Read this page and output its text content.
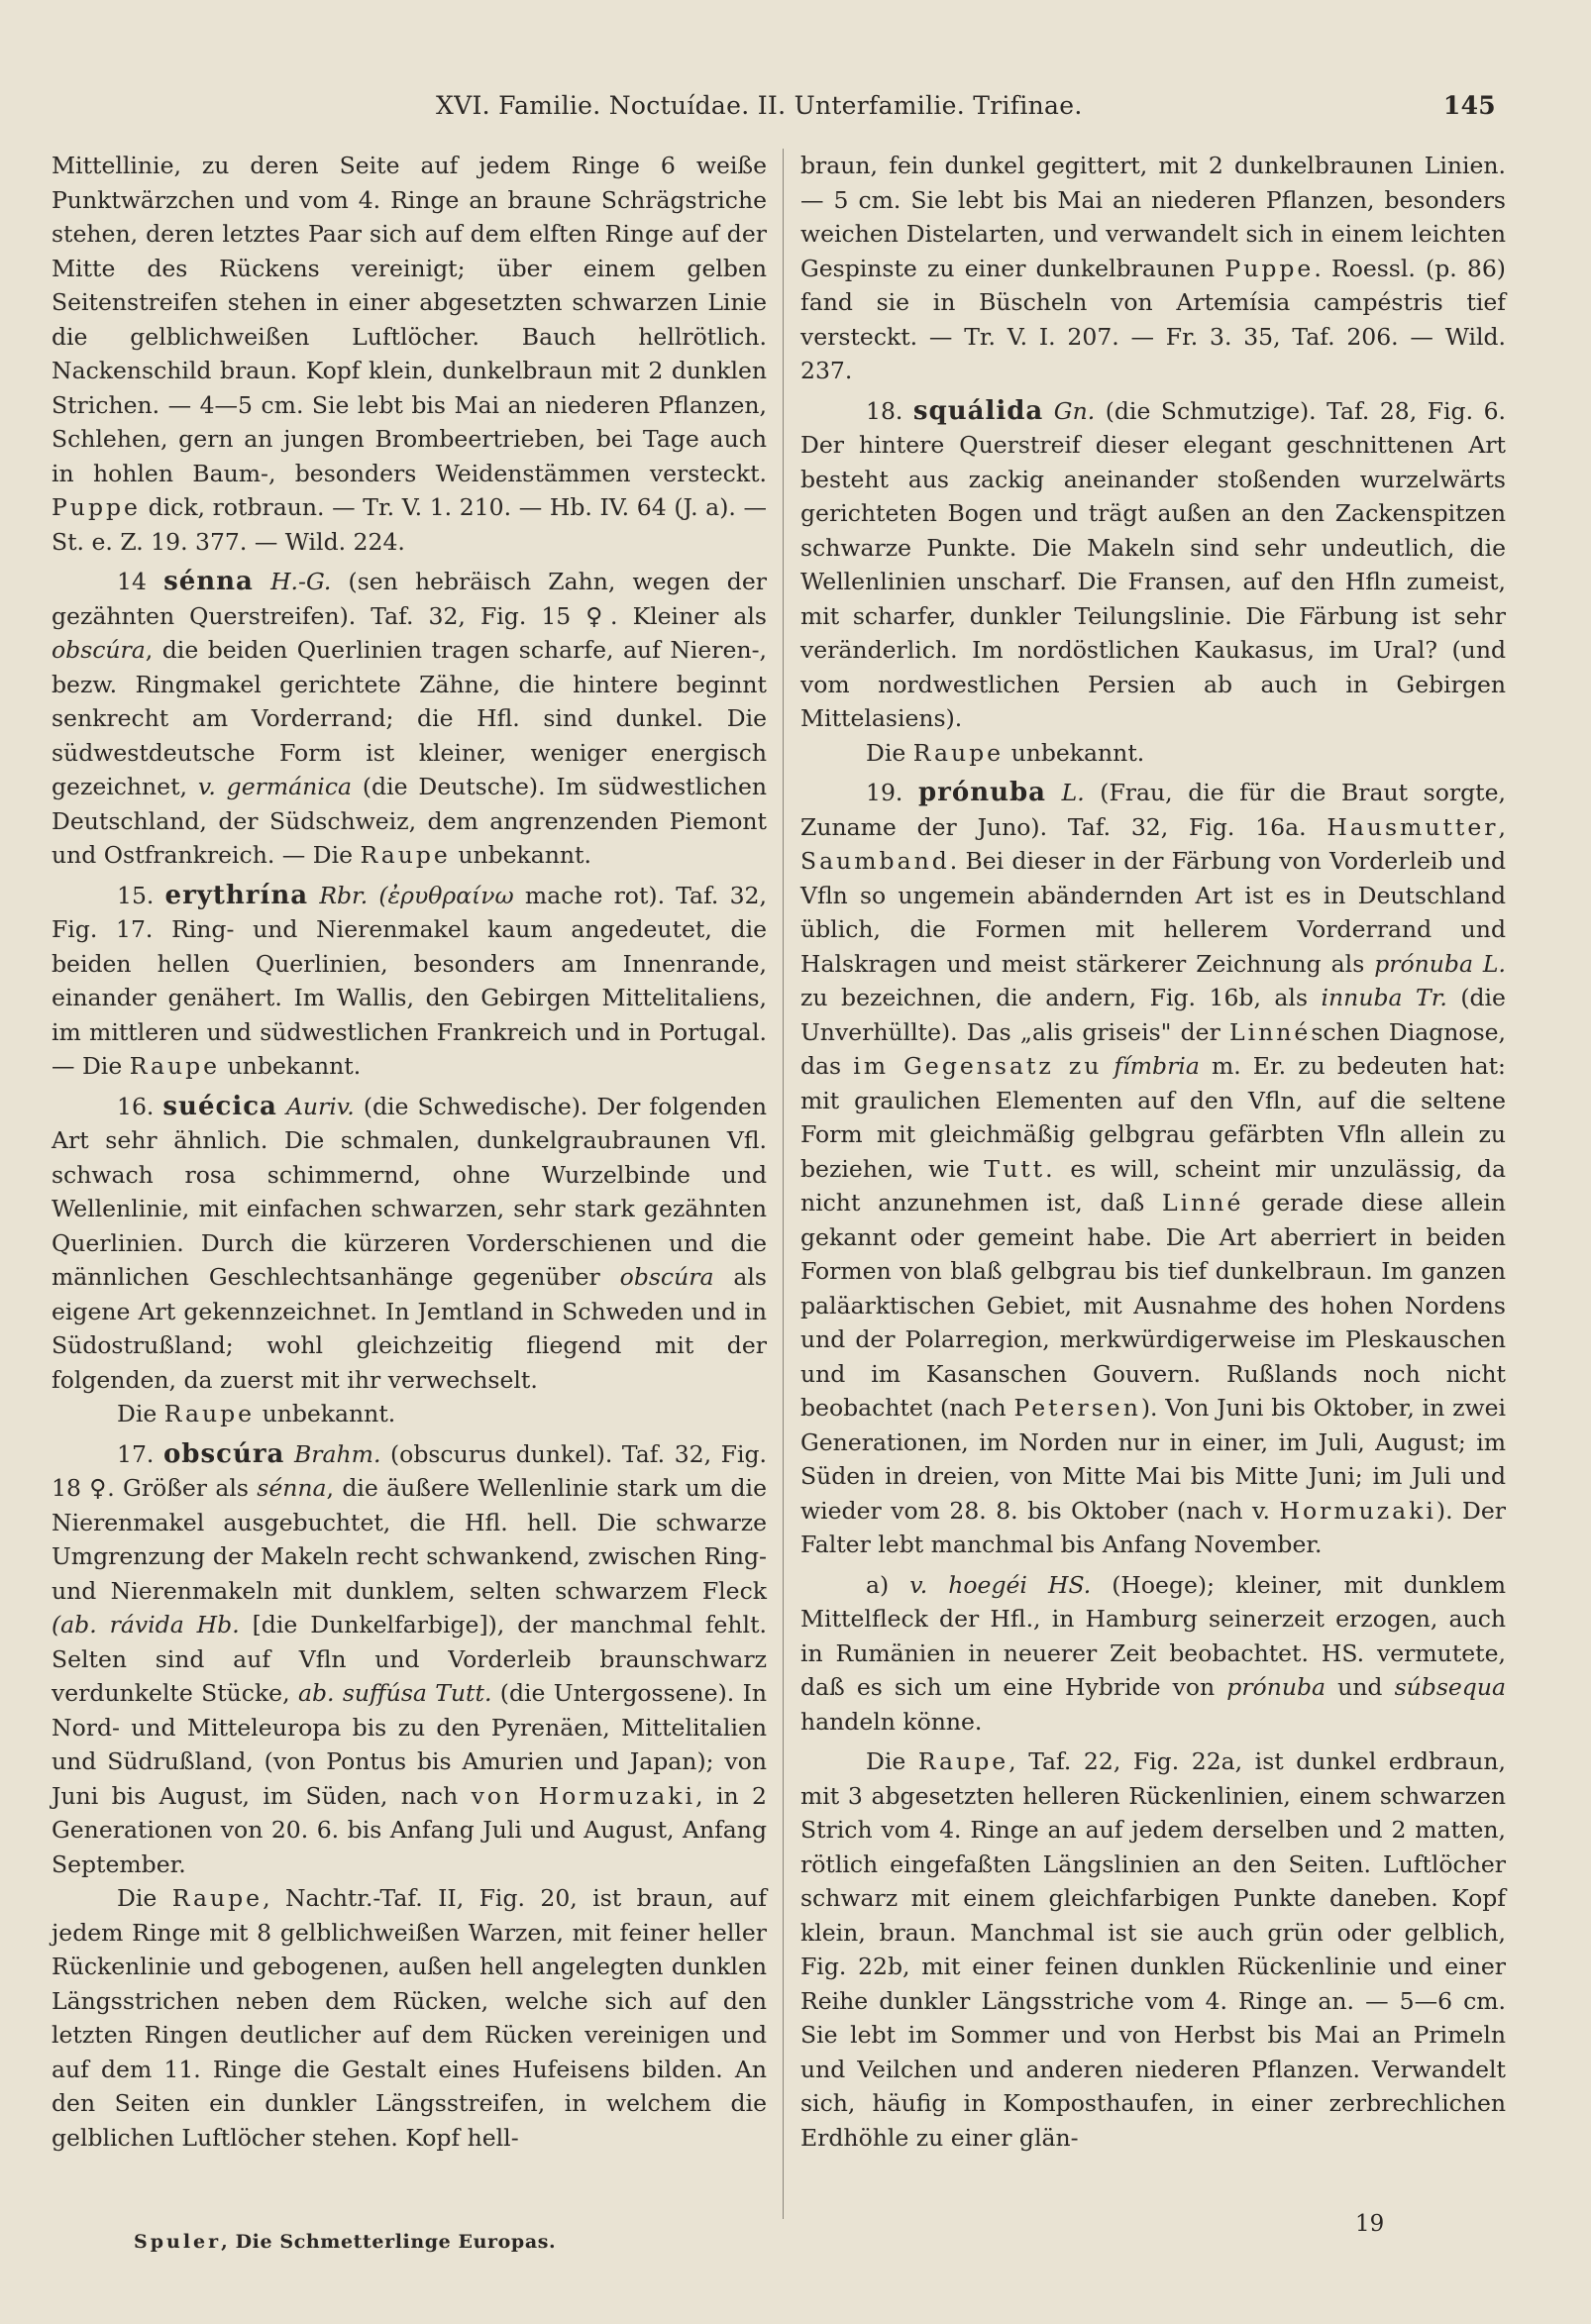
XVI. Familie. Noctuídae. II. Unterfamilie. Trifinae.	145

Mittellinie, zu deren Seite auf jedem Ringe 6 weiße Punktwärzchen und vom 4. Ringe an braune Schrägstriche stehen, deren letztes Paar sich auf dem elften Ringe auf der Mitte des Rückens vereinigt; über einem gelben Seitenstreifen stehen in einer abgesetzten schwarzen Linie die gelblichweißen Luftlöcher. Bauch hellrötlich. Nackenschild braun. Kopf klein, dunkelbraun mit 2 dunklen Strichen. — 4—5 cm. Sie lebt bis Mai an niederen Pflanzen, Schlehen, gern an jungen Brombeertrieben, bei Tage auch in hohlen Baum-, besonders Weidenstämmen versteckt. Puppe dick, rotbraun. — Tr. V. 1. 210. — Hb. IV. 64 (J. a). — St. e. Z. 19. 377. — Wild. 224.

14 sénna H.-G. (sen hebräisch Zahn, wegen der gezähnten Querstreifen). Taf. 32, Fig. 15 ♀. Kleiner als obscúra, die beiden Querlinien tragen scharfe, auf Nieren-, bezw. Ringmakel gerichtete Zähne, die hintere beginnt senkrecht am Vorderrand; die Hfl. sind dunkel. Die südwestdeutsche Form ist kleiner, weniger energisch gezeichnet, v. germánica (die Deutsche). Im südwestlichen Deutschland, der Südschweiz, dem angrenzenden Piemont und Ostfrankreich. — Die Raupe unbekannt.

15. erythrína Rbr. (ἐρυθραίνω mache rot). Taf. 32, Fig. 17. Ring- und Nierenmakel kaum angedeutet, die beiden hellen Querlinien, besonders am Innenrande, einander genähert. Im Wallis, den Gebirgen Mittelitaliens, im mittleren und südwestlichen Frankreich und in Portugal. — Die Raupe unbekannt.

16. suécica Auriv. (die Schwedische). Der folgenden Art sehr ähnlich. Die schmalen, dunkelgraubraunen Vfl. schwach rosa schimmernd, ohne Wurzelbinde und Wellenlinie, mit einfachen schwarzen, sehr stark gezähnten Querlinien. Durch die kürzeren Vorderschienen und die männlichen Geschlechtsanhänge gegenüber obscúra als eigene Art gekennzeichnet. In Jemtland in Schweden und in Südostrußland; wohl gleichzeitig fliegend mit der folgenden, da zuerst mit ihr verwechselt.

Die Raupe unbekannt.

17. obscúra Brahm. (obscurus dunkel). Taf. 32, Fig. 18 ♀. Größer als sénna, die äußere Wellenlinie stark um die Nierenmakel ausgebuchtet, die Hfl. hell. Die schwarze Umgrenzung der Makeln recht schwankend, zwischen Ring- und Nierenmakeln mit dunklem, selten schwarzem Fleck (ab. rávida Hb. [die Dunkelfarbige]), der manchmal fehlt. Selten sind auf Vfln und Vorderleib braunschwarz verdunkelte Stücke, ab. suffúsa Tutt. (die Untergossene). In Nord- und Mitteleuropa bis zu den Pyrenäen, Mittelitalien und Südrußland, (von Pontus bis Amurien und Japan); von Juni bis August, im Süden, nach von Hormuzaki, in 2 Generationen von 20. 6. bis Anfang Juli und August, Anfang September.

Die Raupe, Nachtr.-Taf. II, Fig. 20, ist braun, auf jedem Ringe mit 8 gelblichweißen Warzen, mit feiner heller Rückenlinie und gebogenen, außen hell angelegten dunklen Längsstrichen neben dem Rücken, welche sich auf den letzten Ringen deutlicher auf dem Rücken vereinigen und auf dem 11. Ringe die Gestalt eines Hufeisens bilden. An den Seiten ein dunkler Längsstreifen, in welchem die gelblichen Luftlöcher stehen. Kopf hell-

braun, fein dunkel gegittert, mit 2 dunkelbraunen Linien. — 5 cm. Sie lebt bis Mai an niederen Pflanzen, besonders weichen Distelarten, und verwandelt sich in einem leichten Gespinste zu einer dunkelbraunen Puppe. Roessl. (p. 86) fand sie in Büscheln von Artemísia campéstris tief versteckt. — Tr. V. I. 207. — Fr. 3. 35, Taf. 206. — Wild. 237.

18. squálida Gn. (die Schmutzige). Taf. 28, Fig. 6. Der hintere Querstreif dieser elegant geschnittenen Art besteht aus zackig aneinander stoßenden wurzelwärts gerichteten Bogen und trägt außen an den Zackenspitzen schwarze Punkte. Die Makeln sind sehr undeutlich, die Wellenlinien unscharf. Die Fransen, auf den Hfln zumeist, mit scharfer, dunkler Teilungslinie. Die Färbung ist sehr veränderlich. Im nordöstlichen Kaukasus, im Ural? (und vom nordwestlichen Persien ab auch in Gebirgen Mittelasiens).

Die Raupe unbekannt.

19. prónuba L. (Frau, die für die Braut sorgte, Zuname der Juno). Taf. 32, Fig. 16a. Hausmutter, Saumband. Bei dieser in der Färbung von Vorderleib und Vfln so ungemein abändernden Art ist es in Deutschland üblich, die Formen mit hellerem Vorderrand und Halskragen und meist stärkerer Zeichnung als prónuba L. zu bezeichnen, die andern, Fig. 16b, als innuba Tr. (die Unverhüllte). Das „alis griseis" der Linnéschen Diagnose, das im Gegensatz zu fímbria m. Er. zu bedeuten hat: mit graulichen Elementen auf den Vfln, auf die seltene Form mit gleichmäßig gelbgrau gefärbten Vfln allein zu beziehen, wie Tutt. es will, scheint mir unzulässig, da nicht anzunehmen ist, daß Linné gerade diese allein gekannt oder gemeint habe. Die Art aberriert in beiden Formen von blaß gelbgrau bis tief dunkelbraun. Im ganzen paläarktischen Gebiet, mit Ausnahme des hohen Nordens und der Polarregion, merkwürdigerweise im Pleskauschen und im Kasanschen Gouvern. Rußlands noch nicht beobachtet (nach Petersen). Von Juni bis Oktober, in zwei Generationen, im Norden nur in einer, im Juli, August; im Süden in dreien, von Mitte Mai bis Mitte Juni; im Juli und wieder vom 28. 8. bis Oktober (nach v. Hormuzaki). Der Falter lebt manchmal bis Anfang November.

a) v. hoegéi HS. (Hoege); kleiner, mit dunklem Mittelfleck der Hfl., in Hamburg seinerzeit erzogen, auch in Rumänien in neuerer Zeit beobachtet. HS. vermutete, daß es sich um eine Hybride von prónuba und súbsequa handeln könne.

Die Raupe, Taf. 22, Fig. 22a, ist dunkel erdbraun, mit 3 abgesetzten helleren Rückenlinien, einem schwarzen Strich vom 4. Ringe an auf jedem derselben und 2 matten, rötlich eingefaßten Längslinien an den Seiten. Luftlöcher schwarz mit einem gleichfarbigen Punkte daneben. Kopf klein, braun. Manchmal ist sie auch grün oder gelblich, Fig. 22b, mit einer feinen dunklen Rückenlinie und einer Reihe dunkler Längsstriche vom 4. Ringe an. — 5—6 cm. Sie lebt im Sommer und von Herbst bis Mai an Primeln und Veilchen und anderen niederen Pflanzen. Verwandelt sich, häufig in Komposthaufen, in einer zerbrechlichen Erdhöhle zu einer glän-

Spuler, Die Schmetterlinge Europas.
19
